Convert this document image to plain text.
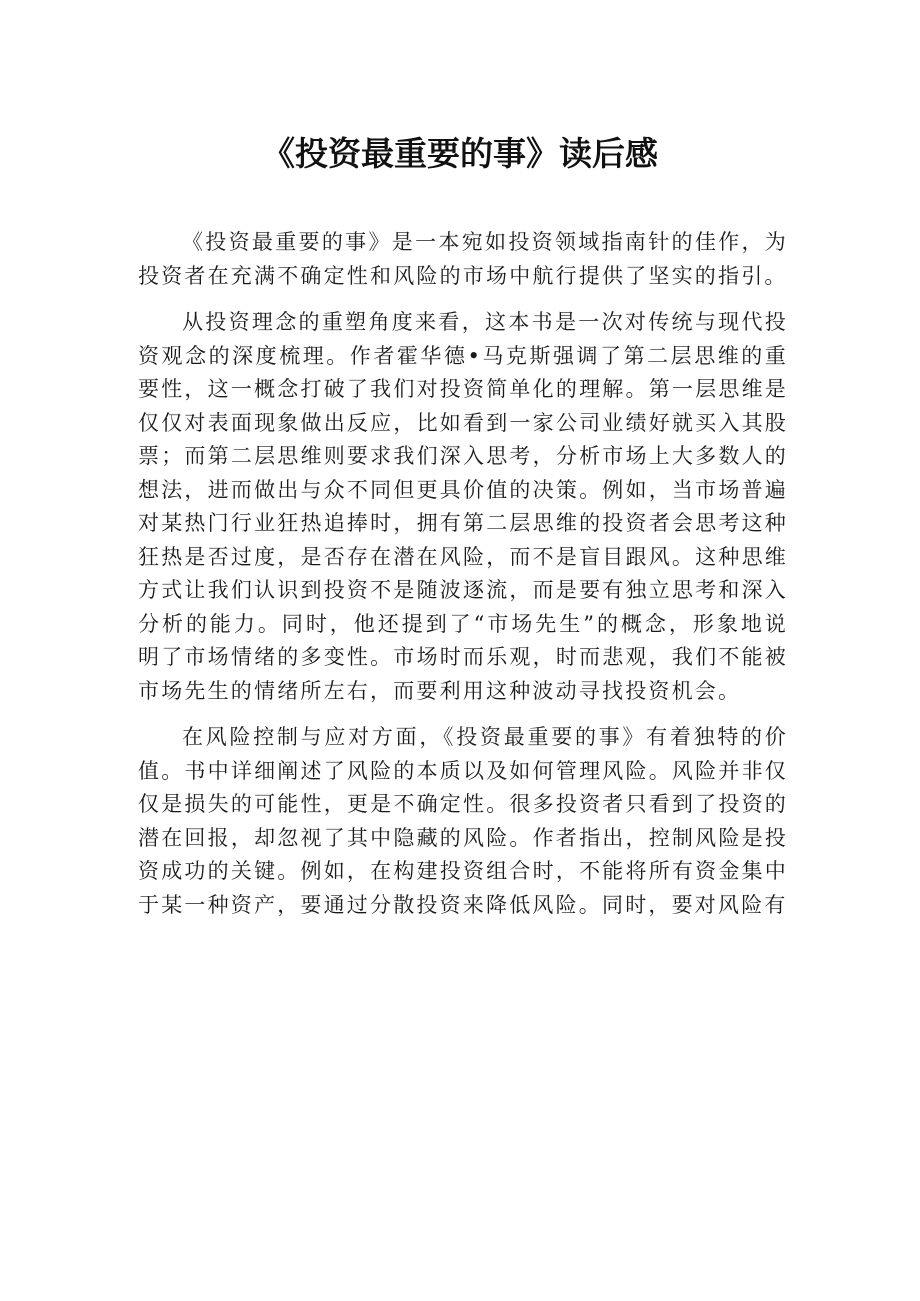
《投资最重要的事》读后感

《投资最重要的事》是一本宛如投资领域指南针的佳作，为投资者在充满不确定性和风险的市场中航行提供了坚实的指引。

从投资理念的重塑角度来看，这本书是一次对传统与现代投资观念的深度梳理。作者霍华德•马克斯强调了第二层思维的重要性，这一概念打破了我们对投资简单化的理解。第一层思维是仅仅对表面现象做出反应，比如看到一家公司业绩好就买入其股票；而第二层思维则要求我们深入思考，分析市场上大多数人的想法，进而做出与众不同但更具价值的决策。例如，当市场普遍对某热门行业狂热追捧时，拥有第二层思维的投资者会思考这种狂热是否过度，是否存在潜在风险，而不是盲目跟风。这种思维方式让我们认识到投资不是随波逐流，而是要有独立思考和深入分析的能力。同时，他还提到了“市场先生”的概念，形象地说明了市场情绪的多变性。市场时而乐观，时而悲观，我们不能被市场先生的情绪所左右，而要利用这种波动寻找投资机会。

在风险控制与应对方面，《投资最重要的事》有着独特的价值。书中详细阐述了风险的本质以及如何管理风险。风险并非仅仅是损失的可能性，更是不确定性。很多投资者只看到了投资的潜在回报，却忽视了其中隐藏的风险。作者指出，控制风险是投资成功的关键。例如，在构建投资组合时，不能将所有资金集中于某一种资产，要通过分散投资来降低风险。同时，要对风险有
